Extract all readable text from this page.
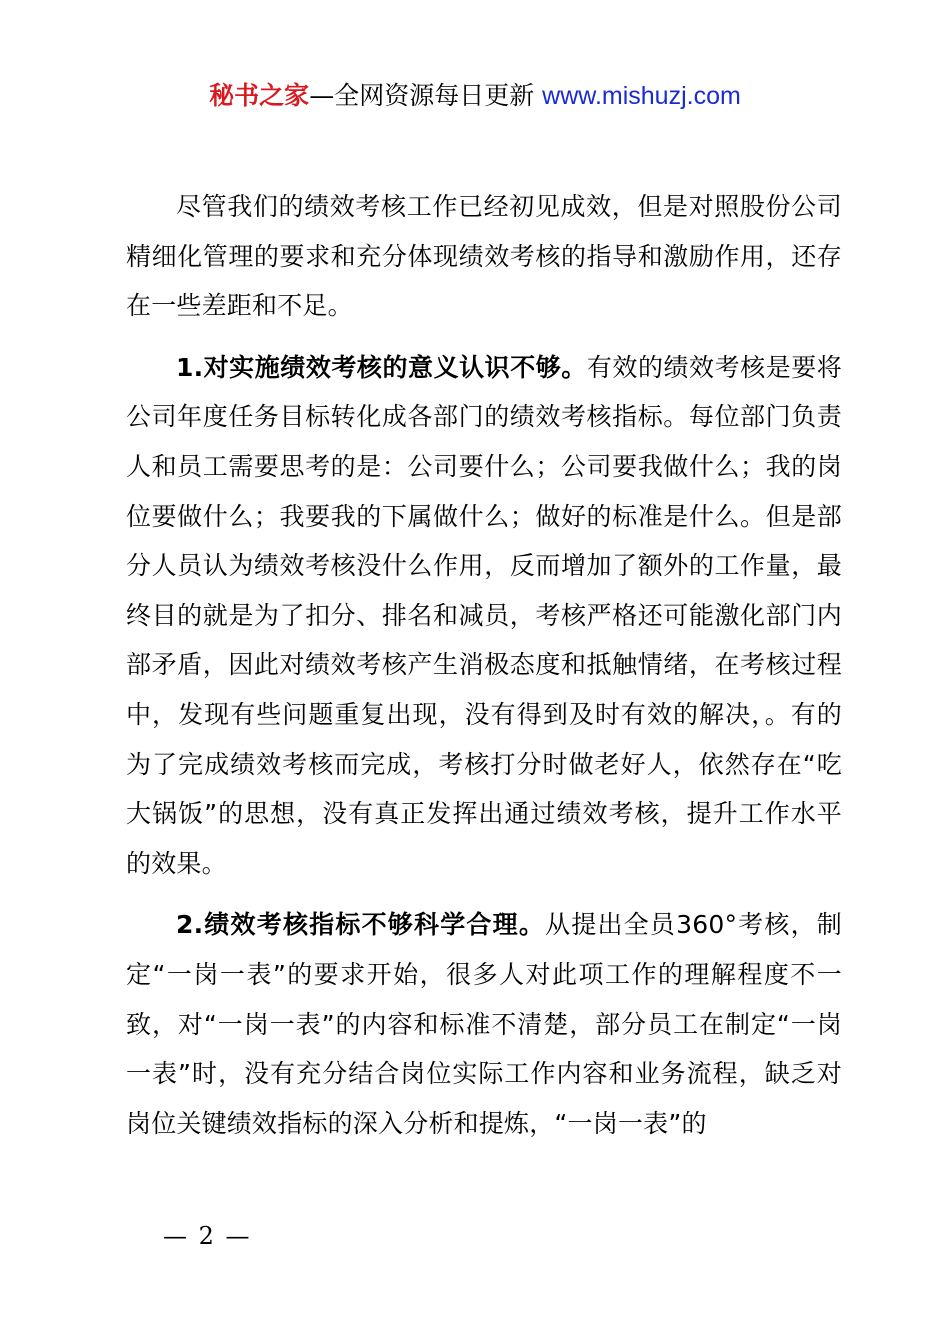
秘书之家—全网资源每日更新 www.mishuzj.com

尽管我们的绩效考核工作已经初见成效，但是对照股份公司精细化管理的要求和充分体现绩效考核的指导和激励作用，还存在一些差距和不足。

1.对实施绩效考核的意义认识不够。有效的绩效考核是要将公司年度任务目标转化成各部门的绩效考核指标。每位部门负责人和员工需要思考的是：公司要什么；公司要我做什么；我的岗位要做什么；我要我的下属做什么；做好的标准是什么。但是部分人员认为绩效考核没什么作用，反而增加了额外的工作量，最终目的就是为了扣分、排名和减员，考核严格还可能激化部门内部矛盾，因此对绩效考核产生消极态度和抵触情绪，在考核过程中，发现有些问题重复出现，没有得到及时有效的解决，。有的为了完成绩效考核而完成，考核打分时做老好人，依然存在“吃大锅饭”的思想，没有真正发挥出通过绩效考核，提升工作水平的效果。

2.绩效考核指标不够科学合理。从提出全员360°考核，制定“一岗一表”的要求开始，很多人对此项工作的理解程度不一致，对“一岗一表”的内容和标准不清楚，部分员工在制定“一岗一表”时，没有充分结合岗位实际工作内容和业务流程，缺乏对岗位关键绩效指标的深入分析和提炼，“一岗一表”的

— 2 —
